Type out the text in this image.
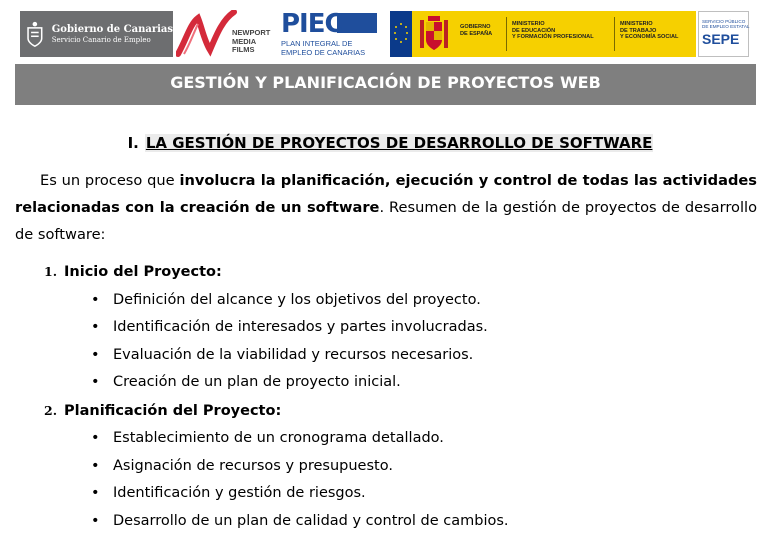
Gobierno de Canarias
Servicio Canario de Empleo
NEWPORT
MEDIA
FILMS
PIEC
PLAN INTEGRAL DE
EMPLEO DE CANARIAS
GOBIERNO
DE ESPAÑA
MINISTERIO
DE EDUCACIÓN
Y FORMACIÓN PROFESIONAL
MINISTERIO
DE TRABAJO
Y ECONOMÍA SOCIAL
SERVICIO PÚBLICO
DE EMPLEO ESTATAL
SEPE
GESTIÓN Y PLANIFICACIÓN DE PROYECTOS WEB
I. LA GESTIÓN DE PROYECTOS DE DESARROLLO DE SOFTWARE

Es un proceso que involucra la planificación, ejecución y control de todas las actividades relacionadas con la creación de un software. Resumen de la gestión de proyectos de desarrollo de software:

1. Inicio del Proyecto:
• Definición del alcance y los objetivos del proyecto.
• Identificación de interesados y partes involucradas.
• Evaluación de la viabilidad y recursos necesarios.
• Creación de un plan de proyecto inicial.
2. Planificación del Proyecto:
• Establecimiento de un cronograma detallado.
• Asignación de recursos y presupuesto.
• Identificación y gestión de riesgos.
• Desarrollo de un plan de calidad y control de cambios.
